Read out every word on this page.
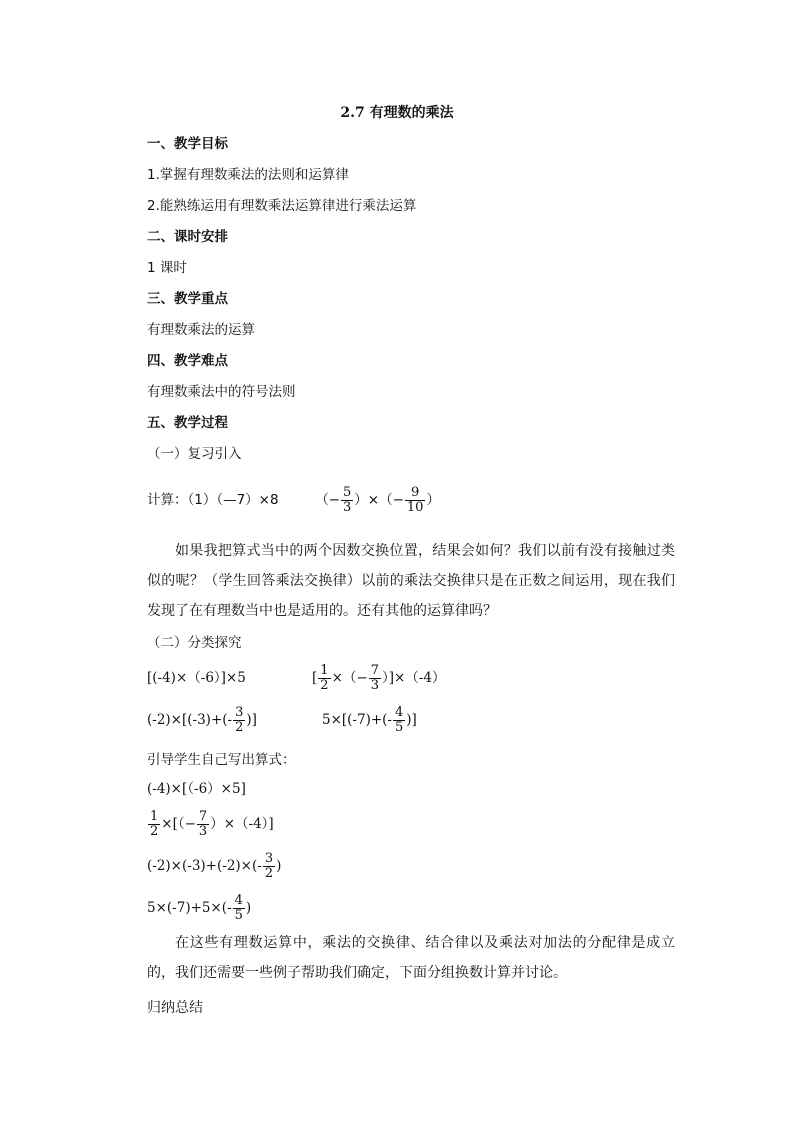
2.7 有理数的乘法
一、教学目标
1.掌握有理数乘法的法则和运算律
2.能熟练运用有理数乘法运算律进行乘法运算
二、课时安排
1 课时
三、教学重点
有理数乘法的运算
四、教学难点
有理数乘法中的符号法则
五、教学过程
（一）复习引入
计算：（1）（—7）×8	（− $\frac{5}{3}$ ）×（− $\frac{9}{10}$ ）
如果我把算式当中的两个因数交换位置，结果会如何？我们以前有没有接触过类似的呢？（学生回答乘法交换律）以前的乘法交换律只是在正数之间运用，现在我们发现了在有理数当中也是适用的。还有其他的运算律吗？
（二）分类探究
[(-4)×（-6）]×5	[ $\frac{1}{2}$ ×（− $\frac{7}{3} )]\times(-4)$
$(-2)\times[(-3)+(- \frac{3}{2}$ )]	$5\times[(-7)+(- \frac{4}{5}$ )]
引导学生自己写出算式：
(-4)×[（-6）×5]
$\frac{1}{2}$ ×[（− $\frac{7}{3} )\times(-4)$]
$(-2)\times(-3)+(-2)\times(- \frac{3}{2}$ )
$5\times(-7)+5\times(- \frac{4}{5}$ )
在这些有理数运算中，乘法的交换律、结合律以及乘法对加法的分配律是成立的，我们还需要一些例子帮助我们确定，下面分组换数计算并讨论。
归纳总结
